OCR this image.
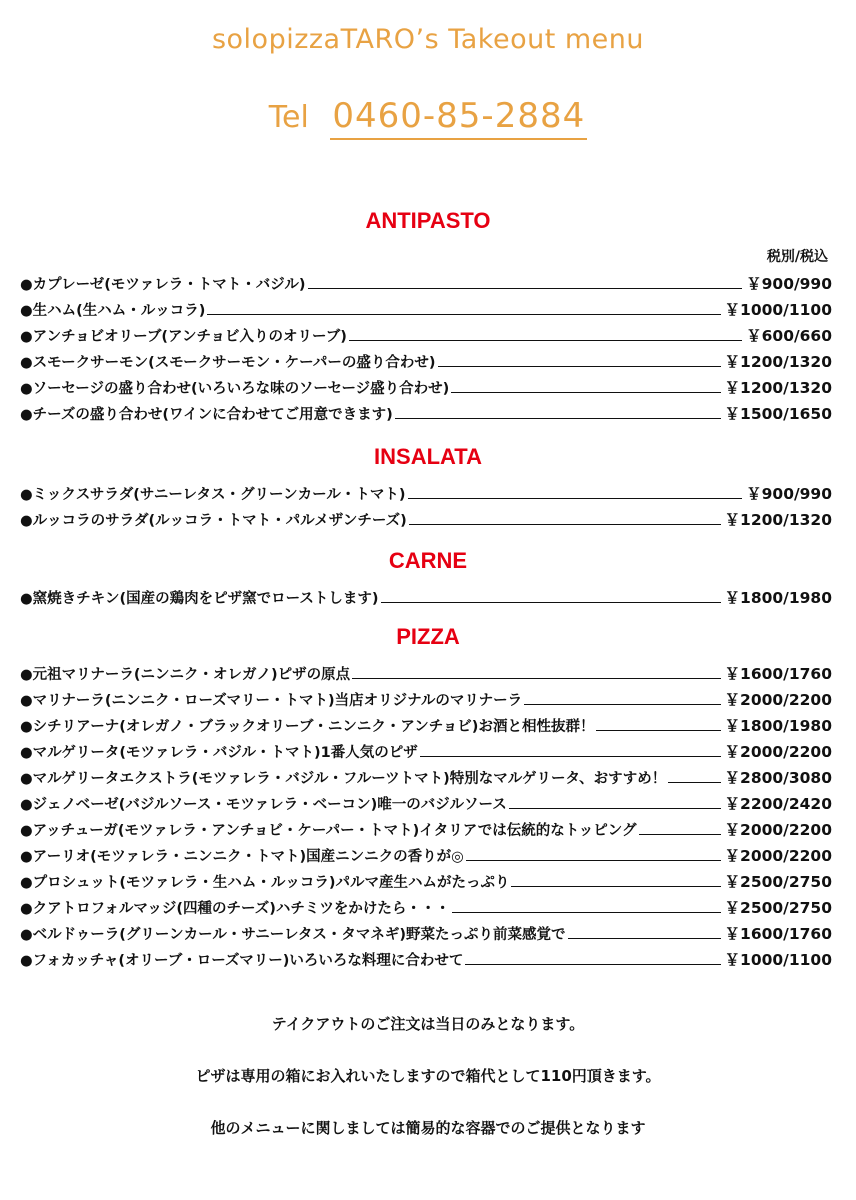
solopizzaTARO’s Takeout menu
Tel 0460-85-2884
ANTIPASTO
税別/税込
●カプレーゼ(モツァレラ・トマト・バジル)	￥900/990
●生ハム(生ハム・ルッコラ)	￥1000/1100
●アンチョビオリーブ(アンチョビ入りのオリーブ)	￥600/660
●スモークサーモン(スモークサーモン・ケーパーの盛り合わせ)	￥1200/1320
●ソーセージの盛り合わせ(いろいろな味のソーセージ盛り合わせ)	￥1200/1320
●チーズの盛り合わせ(ワインに合わせてご用意できます)	￥1500/1650
INSALATA
●ミックスサラダ(サニーレタス・グリーンカール・トマト)	￥900/990
●ルッコラのサラダ(ルッコラ・トマト・パルメザンチーズ)	￥1200/1320
CARNE
●窯焼きチキン(国産の鶏肉をピザ窯でローストします)	￥1800/1980
PIZZA
●元祖マリナーラ(ニンニク・オレガノ)ピザの原点	￥1600/1760
●マリナーラ(ニンニク・ローズマリー・トマト)当店オリジナルのマリナーラ	￥2000/2200
●シチリアーナ(オレガノ・ブラックオリーブ・ニンニク・アンチョビ)お酒と相性抜群！	￥1800/1980
●マルゲリータ(モツァレラ・バジル・トマト)1番人気のピザ	￥2000/2200
●マルゲリータエクストラ(モツァレラ・バジル・フルーツトマト)特別なマルゲリータ、おすすめ！	￥2800/3080
●ジェノベーゼ(バジルソース・モツァレラ・ベーコン)唯一のバジルソース	￥2200/2420
●アッチューガ(モツァレラ・アンチョビ・ケーパー・トマト)イタリアでは伝統的なトッピング	￥2000/2200
●アーリオ(モツァレラ・ニンニク・トマト)国産ニンニクの香りが◎	￥2000/2200
●プロシュット(モツァレラ・生ハム・ルッコラ)パルマ産生ハムがたっぷり	￥2500/2750
●クアトロフォルマッジ(四種のチーズ)ハチミツをかけたら・・・	￥2500/2750
●ベルドゥーラ(グリーンカール・サニーレタス・タマネギ)野菜たっぷり前菜感覚で	￥1600/1760
●フォカッチャ(オリーブ・ローズマリー)いろいろな料理に合わせて	￥1000/1100
テイクアウトのご注文は当日のみとなります。
ピザは専用の箱にお入れいたしますので箱代として110円頂きます。
他のメニューに関しましては簡易的な容器でのご提供となります
